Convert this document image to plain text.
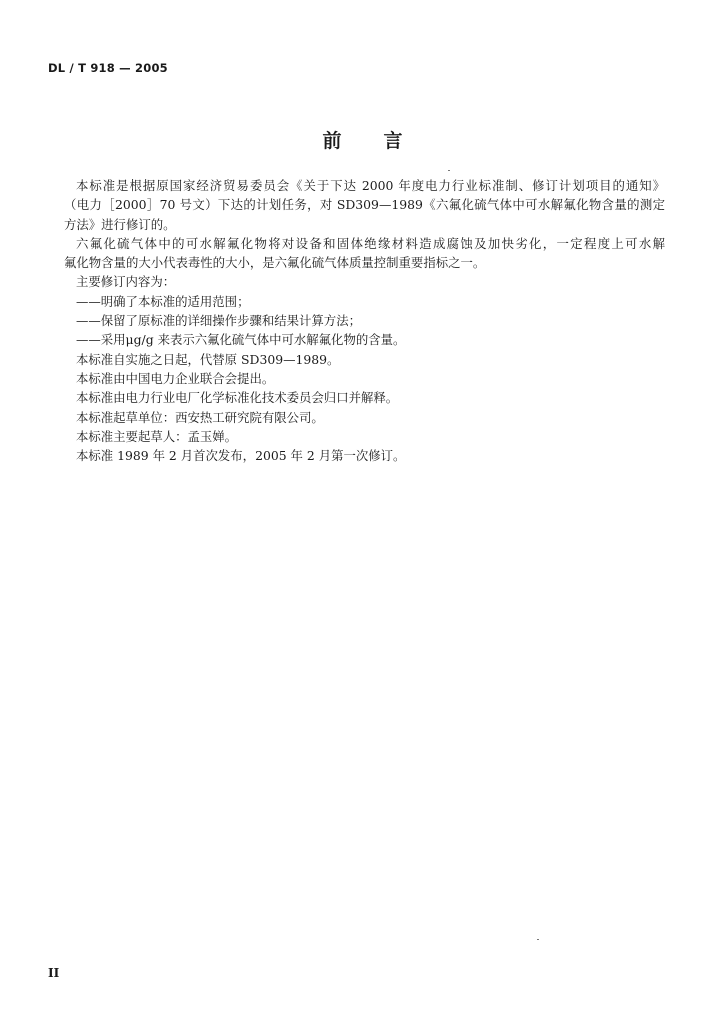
DL / T 918 — 2005
前 言

本标准是根据原国家经济贸易委员会《关于下达 2000 年度电力行业标准制、修订计划项目的通知》
（电力［2000］70 号文）下达的计划任务，对 SD309—1989《六氟化硫气体中可水解氟化物含量的测定
方法》进行修订的。

六氟化硫气体中的可水解氟化物将对设备和固体绝缘材料造成腐蚀及加快劣化，一定程度上可水解
氟化物含量的大小代表毒性的大小，是六氟化硫气体质量控制重要指标之一。

主要修订内容为：
——明确了本标准的适用范围；
——保留了原标准的详细操作步骤和结果计算方法；
——采用μg/g 来表示六氟化硫气体中可水解氟化物的含量。
本标准自实施之日起，代替原 SD309—1989。
本标准由中国电力企业联合会提出。
本标准由电力行业电厂化学标准化技术委员会归口并解释。
本标准起草单位：西安热工研究院有限公司。
本标准主要起草人：孟玉婵。
本标准 1989 年 2 月首次发布，2005 年 2 月第一次修订。
II
